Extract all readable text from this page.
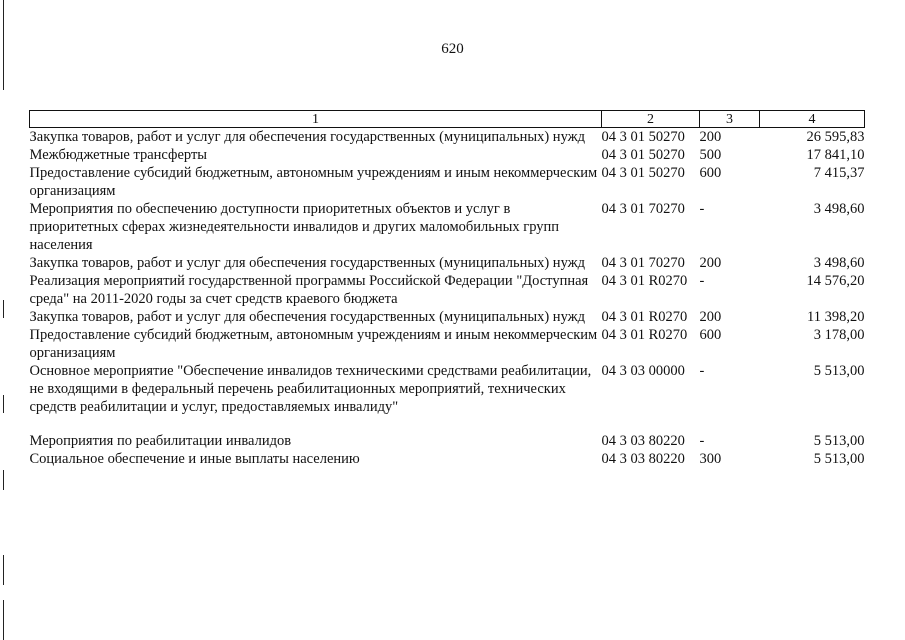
620
1	2	3	4
Закупка товаров, работ и услуг для обеспечения государственных (муниципальных) нужд	04 3 01 50270	200	26 595,83
Межбюджетные трансферты	04 3 01 50270	500	17 841,10
Предоставление субсидий бюджетным, автономным учреждениям и иным некоммерческим организациям	04 3 01 50270	600	7 415,37
Мероприятия по обеспечению доступности приоритетных объектов и услуг в приоритетных сферах жизнедеятельности инвалидов и других маломобильных групп населения	04 3 01 70270	-	3 498,60
Закупка товаров, работ и услуг для обеспечения государственных (муниципальных) нужд	04 3 01 70270	200	3 498,60
Реализация мероприятий государственной программы Российской Федерации "Доступная среда" на 2011-2020 годы за счет средств краевого бюджета	04 3 01 R0270	-	14 576,20
Закупка товаров, работ и услуг для обеспечения государственных (муниципальных) нужд	04 3 01 R0270	200	11 398,20
Предоставление субсидий бюджетным, автономным учреждениям и иным некоммерческим организациям	04 3 01 R0270	600	3 178,00
Основное мероприятие "Обеспечение инвалидов техническими средствами реабилитации, не входящими в федеральный перечень реабилитационных мероприятий, технических средств реабилитации и услуг, предоставляемых инвалиду"	04 3 03 00000	-	5 513,00

Мероприятия по реабилитации инвалидов	04 3 03 80220	-	5 513,00
Социальное обеспечение и иные выплаты населению	04 3 03 80220	300	5 513,00
